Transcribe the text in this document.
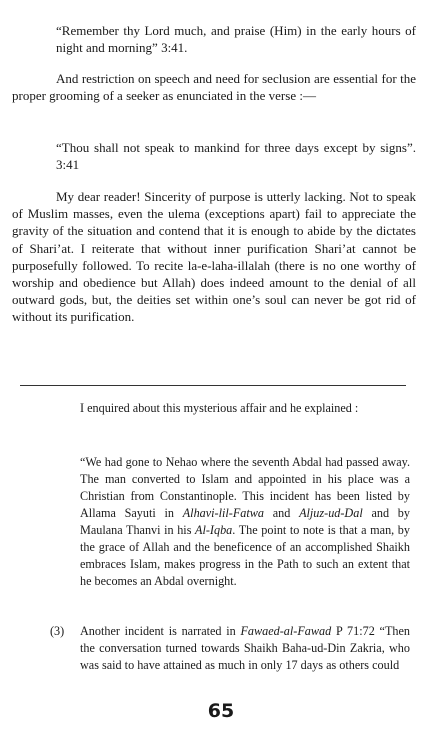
“Remember thy Lord much, and praise (Him) in the early hours of night and morning” 3:41.

And restriction on speech and need for seclusion are essential for the proper grooming of a seeker as enunciated in the verse :—

“Thou shall not speak to mankind for three days except by signs”. 3:41

My dear reader! Sincerity of purpose is utterly lacking. Not to speak of Muslim masses, even the ulema (exceptions apart) fail to appreciate the gravity of the situation and contend that it is enough to abide by the dictates of Shari’at. I reiterate that without inner purification Shari’at cannot be purposefully followed. To recite la-e-laha-illalah (there is no one worthy of worship and obedience but Allah) does indeed amount to the denial of all outward gods, but, the deities set within one’s soul can never be got rid of without its purification.

I enquired about this mysterious affair and he explained :

“We had gone to Nehao where the seventh Abdal had passed away. The man converted to Islam and appointed in his place was a Christian from Constantinople. This incident has been listed by Allama Sayuti in Alhavi-lil-Fatwa and Aljuz-ud-Dal and by Maulana Thanvi in his Al-Iqba. The point to note is that a man, by the grace of Allah and the beneficence of an accomplished Shaikh embraces Islam, makes progress in the Path to such an extent that he becomes an Abdal overnight.

(3) Another incident is narrated in Fawaed-al-Fawad P 71:72 “Then the conversation turned towards Shaikh Baha-ud-Din Zakria, who was said to have attained as much in only 17 days as others could

65
